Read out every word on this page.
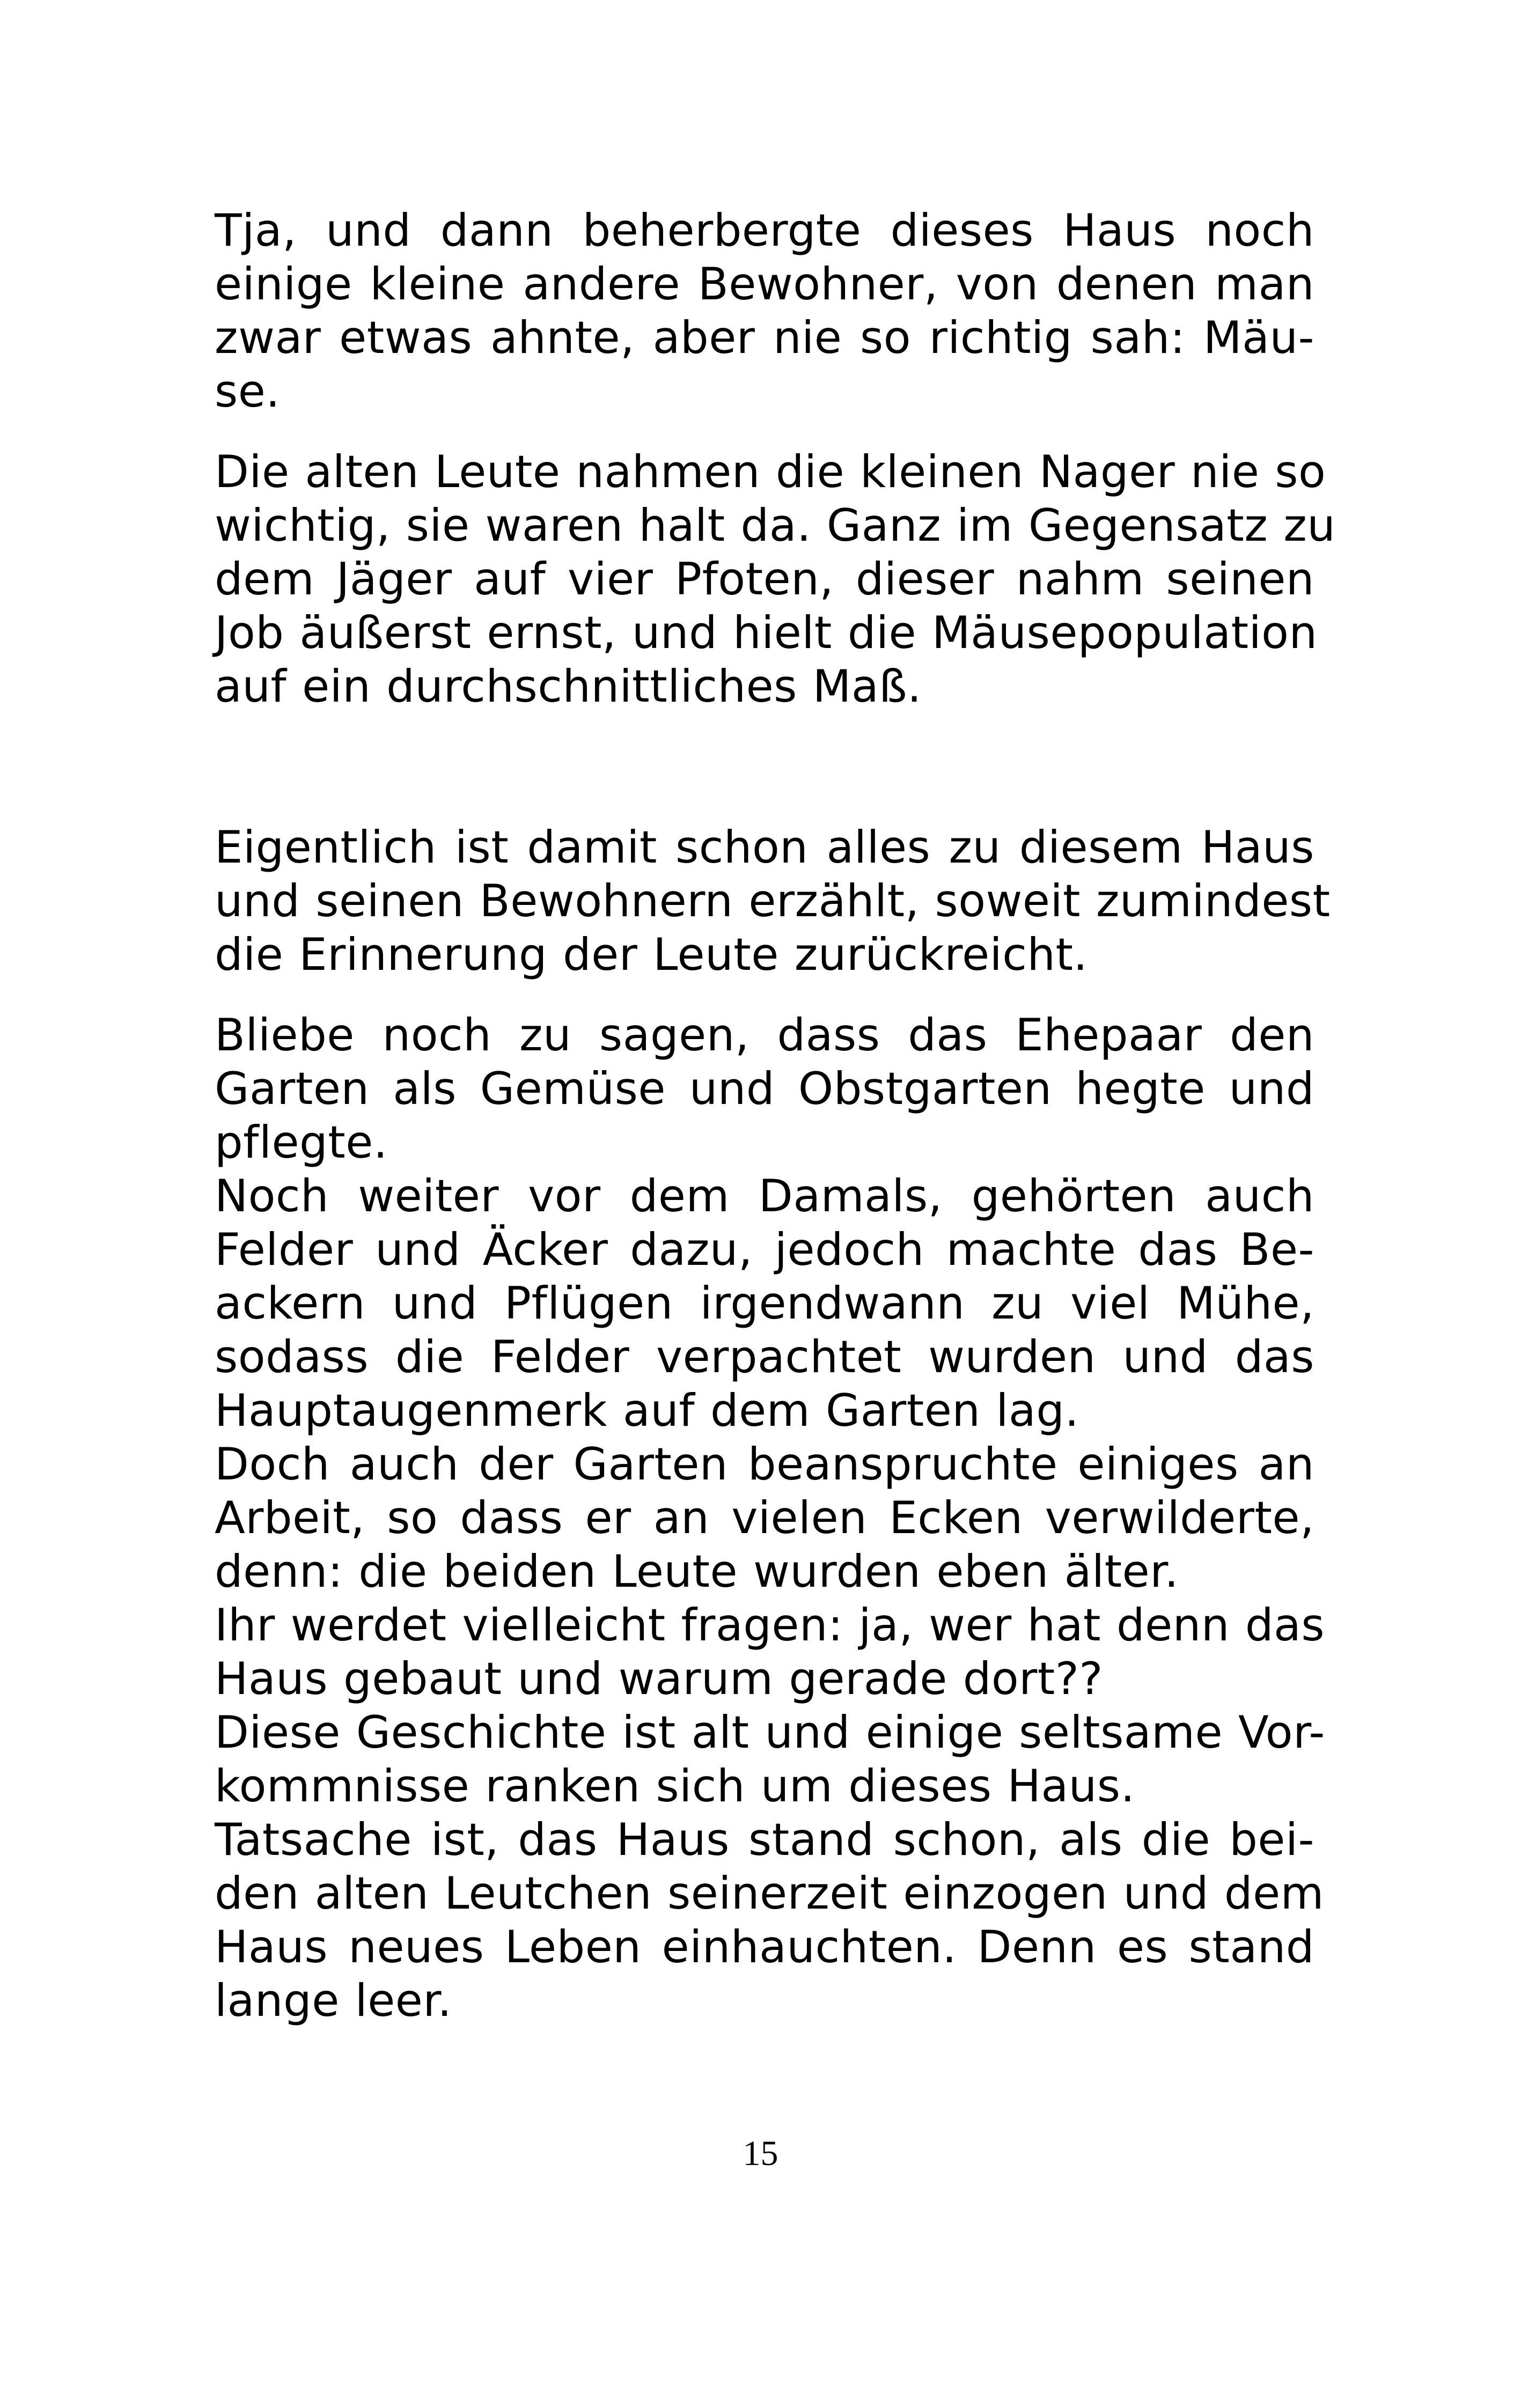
Tja, und dann beherbergte dieses Haus noch
einige kleine andere Bewohner, von denen man
zwar etwas ahnte, aber nie so richtig sah: Mäu-
se.
Die alten Leute nahmen die kleinen Nager nie so
wichtig, sie waren halt da. Ganz im Gegensatz zu
dem Jäger auf vier Pfoten, dieser nahm seinen
Job äußerst ernst, und hielt die Mäusepopulation
auf ein durchschnittliches Maß.
Eigentlich ist damit schon alles zu diesem Haus
und seinen Bewohnern erzählt, soweit zumindest
die Erinnerung der Leute zurückreicht.
Bliebe noch zu sagen, dass das Ehepaar den
Garten als Gemüse und Obstgarten hegte und
pflegte.
Noch weiter vor dem Damals, gehörten auch
Felder und Äcker dazu, jedoch machte das Be-
ackern und Pflügen irgendwann zu viel Mühe,
sodass die Felder verpachtet wurden und das
Hauptaugenmerk auf dem Garten lag.
Doch auch der Garten beanspruchte einiges an
Arbeit, so dass er an vielen Ecken verwilderte,
denn: die beiden Leute wurden eben älter.
Ihr werdet vielleicht fragen: ja, wer hat denn das
Haus gebaut und warum gerade dort??
Diese Geschichte ist alt und einige seltsame Vor-
kommnisse ranken sich um dieses Haus.
Tatsache ist, das Haus stand schon, als die bei-
den alten Leutchen seinerzeit einzogen und dem
Haus neues Leben einhauchten. Denn es stand
lange leer.
15
